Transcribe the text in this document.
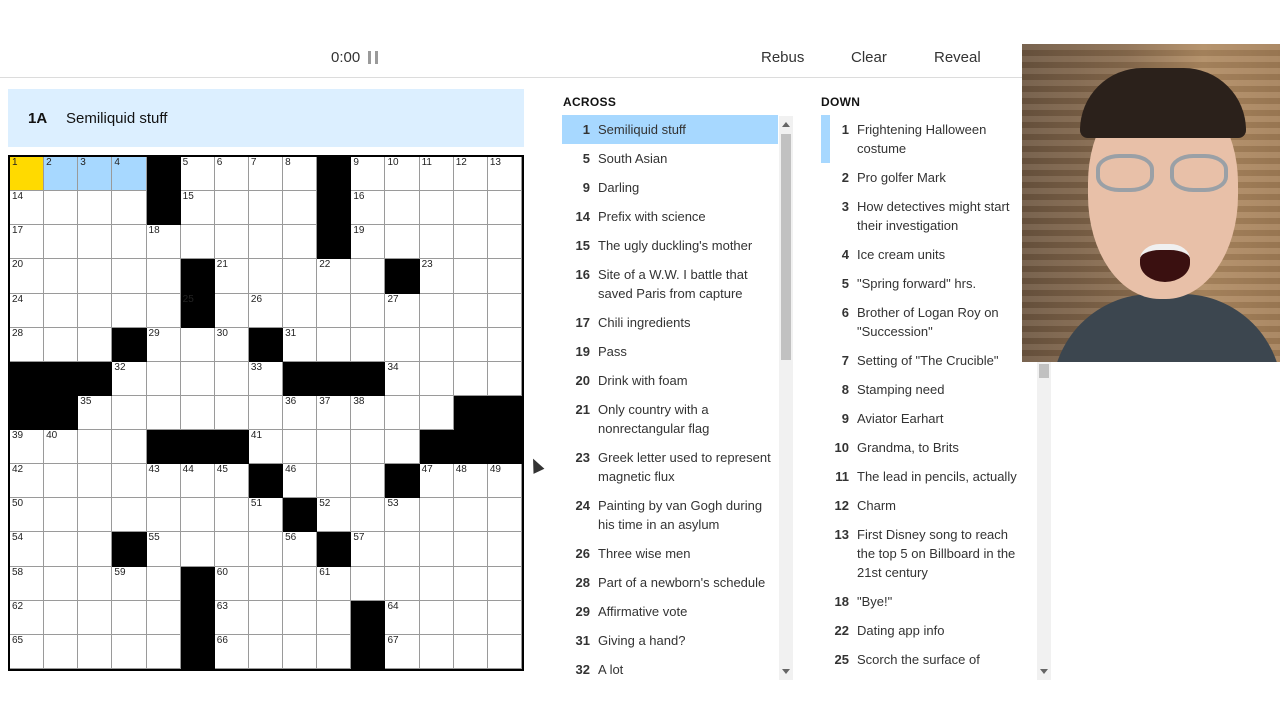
0:00	Rebus	Clear	Reveal
1A	Semiliquid stuff
1	2	3	4	5	6	7	8	9	10 11 12 13
14	15	16
17	18	19
20	21	22	23
24	25	26	27
28	29	30	31
32	33	34
35	36 37 38
39 40	41
42	43 44 45	46	47 48 49
50	51	52	53
54	55	56	57
58	59	60	61
62	63	64
65	66	67
ACROSS
1 Semiliquid stuff
5 South Asian
9 Darling
14 Prefix with science
15 The ugly duckling's mother
16 Site of a W.W. I battle that saved Paris from capture
17 Chili ingredients
19 Pass
20 Drink with foam
21 Only country with a nonrectangular flag
23 Greek letter used to represent magnetic flux
24 Painting by van Gogh during his time in an asylum
26 Three wise men
28 Part of a newborn's schedule
29 Affirmative vote
31 Giving a hand?
32 A lot
DOWN
1 Frightening Halloween costume
2 Pro golfer Mark
3 How detectives might start their investigation
4 Ice cream units
5 "Spring forward" hrs.
6 Brother of Logan Roy on "Succession"
7 Setting of "The Crucible"
8 Stamping need
9 Aviator Earhart
10 Grandma, to Brits
11 The lead in pencils, actually
12 Charm
13 First Disney song to reach the top 5 on Billboard in the 21st century
18 "Bye!"
22 Dating app info
25 Scorch the surface of
